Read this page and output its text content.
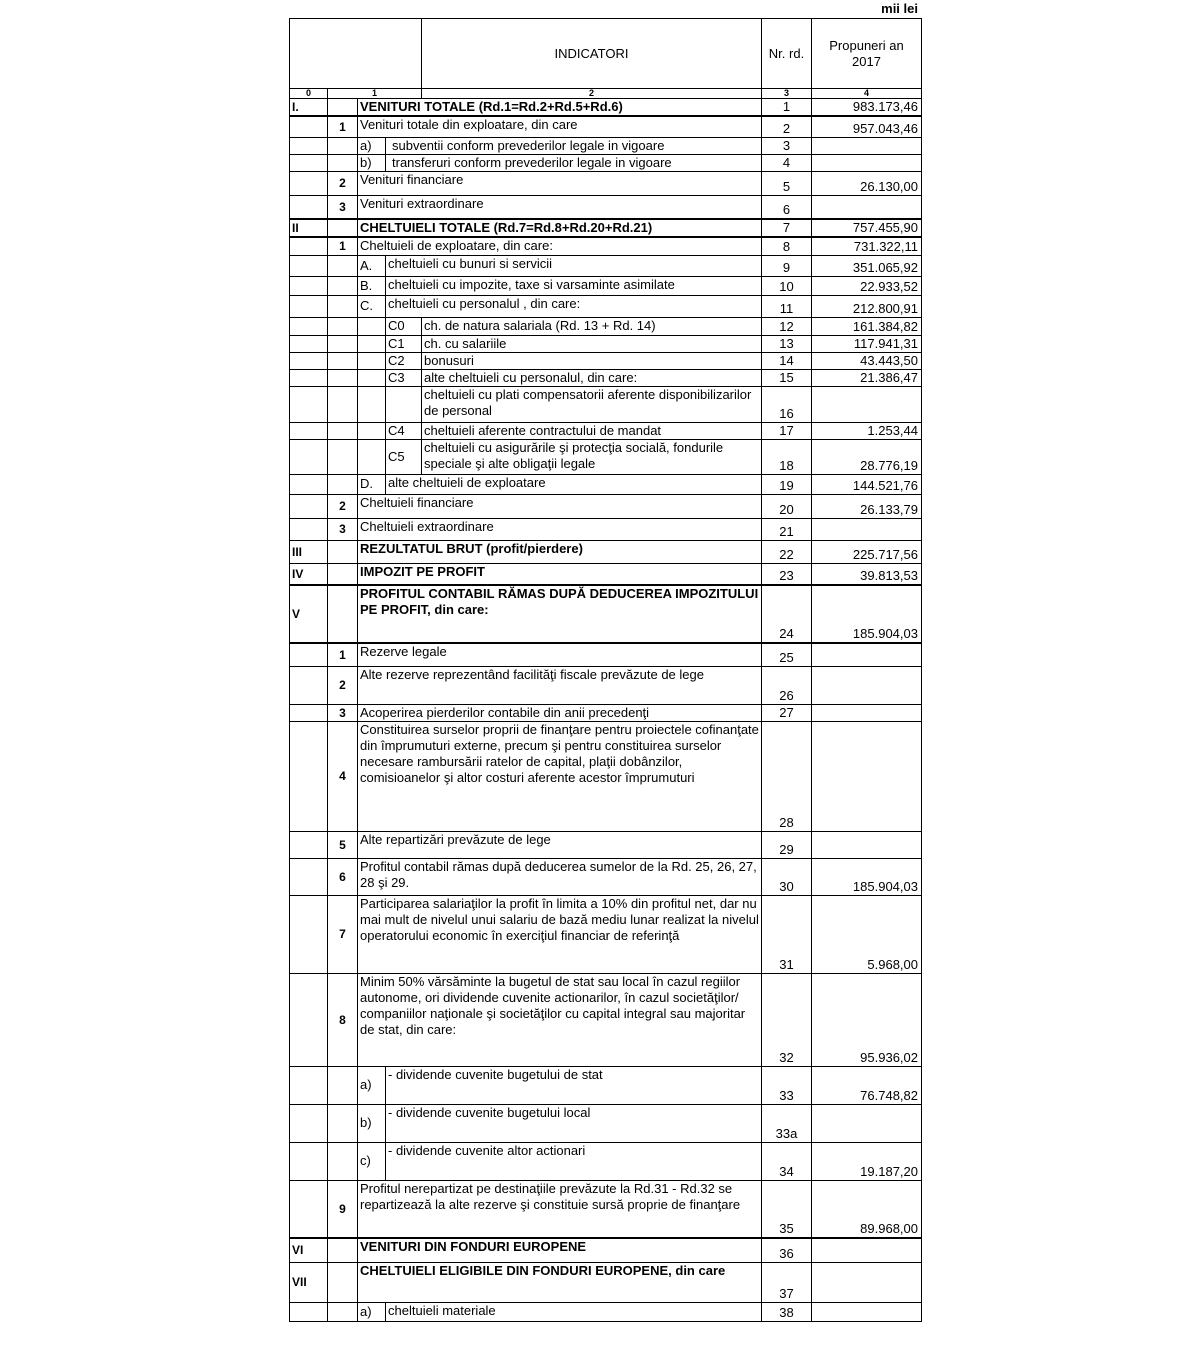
mii lei
				INDICATORI	Nr. rd.	Propuneri an 2017
0	1			2	3	4
I.		VENITURI TOTALE (Rd.1=Rd.2+Rd.5+Rd.6)			1	983.173,46
	1	Venituri totale din exploatare, din care			2	957.043,46
		a)	subventii conform prevederilor legale in vigoare		3	
		b)	transferuri conform prevederilor legale in vigoare		4	
	2	Venituri financiare			5	26.130,00
	3	Venituri extraordinare			6	
II		CHELTUIELI TOTALE (Rd.7=Rd.8+Rd.20+Rd.21)			7	757.455,90
	1	Cheltuieli de exploatare, din care:			8	731.322,11
		A.	cheltuieli cu bunuri si servicii		9	351.065,92
		B.	cheltuieli cu impozite, taxe si varsaminte asimilate		10	22.933,52
		C.	cheltuieli cu personalul , din care:		11	212.800,91
			C0	ch. de natura salariala (Rd. 13 + Rd. 14)	12	161.384,82
			C1	ch. cu salariile	13	117.941,31
			C2	bonusuri	14	43.443,50
			C3	alte cheltuieli cu personalul, din care:	15	21.386,47
				cheltuieli cu plati compensatorii aferente disponibilizarilor de personal	16	
			C4	cheltuieli aferente contractului de mandat	17	1.253,44
			C5	cheltuieli cu asigurările şi protecţia socială, fondurile speciale şi alte obligaţii legale	18	28.776,19
		D.	alte cheltuieli de exploatare		19	144.521,76
	2	Cheltuieli financiare			20	26.133,79
	3	Cheltuieli extraordinare			21	
III		REZULTATUL BRUT (profit/pierdere)			22	225.717,56
IV		IMPOZIT PE PROFIT			23	39.813,53
V		PROFITUL CONTABIL RĂMAS DUPĂ DEDUCEREA IMPOZITULUI PE PROFIT, din care:			24	185.904,03
	1	Rezerve legale			25	
	2	Alte rezerve reprezentând facilităţi fiscale prevăzute de lege			26	
	3	Acoperirea pierderilor contabile din anii precedenţi			27	
	4	Constituirea surselor proprii de finanţare pentru proiectele cofinanţate din împrumuturi externe, precum şi pentru constituirea surselor necesare rambursării ratelor de capital, plaţii dobânzilor, comisioanelor şi altor costuri aferente acestor împrumuturi			28	
	5	Alte repartizări prevăzute de lege			29	
	6	Profitul contabil rămas după deducerea sumelor de la Rd. 25, 26, 27, 28 şi 29.			30	185.904,03
	7	Participarea salariaţilor la profit în limita a 10% din profitul net, dar nu mai mult de nivelul unui salariu de bază mediu lunar realizat la nivelul operatorului economic în exerciţiul financiar de referinţă			31	5.968,00
	8	Minim 50% vărsăminte la bugetul de stat sau local în cazul regiilor autonome, ori dividende cuvenite actionarilor, în cazul societăţilor/ companiilor naţionale şi societăţilor cu capital integral sau majoritar de stat, din care:			32	95.936,02
		a)	- dividende cuvenite bugetului de stat		33	76.748,82
		b)	- dividende cuvenite bugetului local		33a	
		c)	- dividende cuvenite altor actionari		34	19.187,20
	9	Profitul nerepartizat pe destinaţiile prevăzute la Rd.31 - Rd.32 se repartizează la alte rezerve şi constituie sursă proprie de finanţare			35	89.968,00
VI		VENITURI DIN FONDURI EUROPENE			36	
VII		CHELTUIELI ELIGIBILE DIN FONDURI EUROPENE, din care			37	
		a)	cheltuieli materiale		38	
